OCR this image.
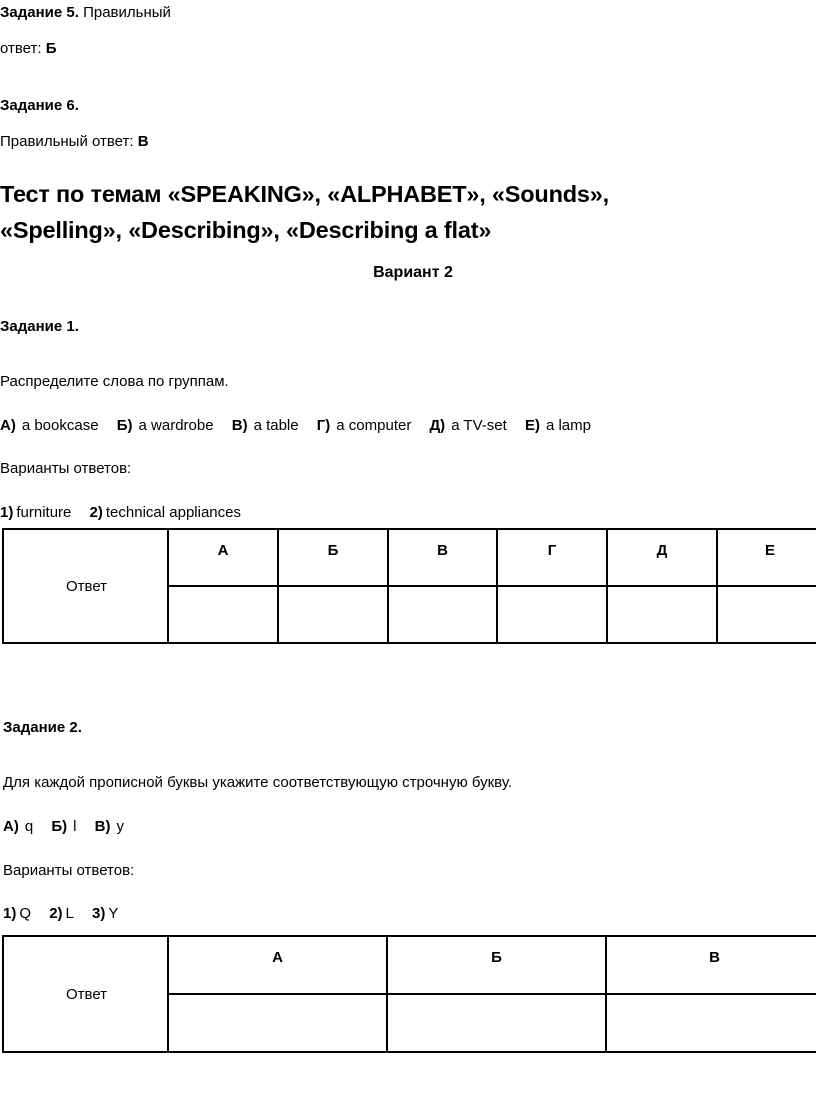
Задание 5. Правильный
ответ: Б
Задание 6.
Правильный ответ: В
Тест по темам «SPEAKING», «ALPHABET», «Sounds»,
«Spelling», «Describing», «Describing a flat»
Вариант 2
Задание 1.
Распределите слова по группам.
А) a bookcase Б) a wardrobe В) a table Г) a computer Д) a TV-set Е) a lamp
Варианты ответов:
1) furniture 2) technical appliances
Ответ	А	Б	В	Г	Д	Е

Задание 2.
Для каждой прописной буквы укажите соответствующую строчную букву.
А) q Б) l В) y
Варианты ответов:
1) Q 2) L 3) Y
Ответ	А	Б	В
